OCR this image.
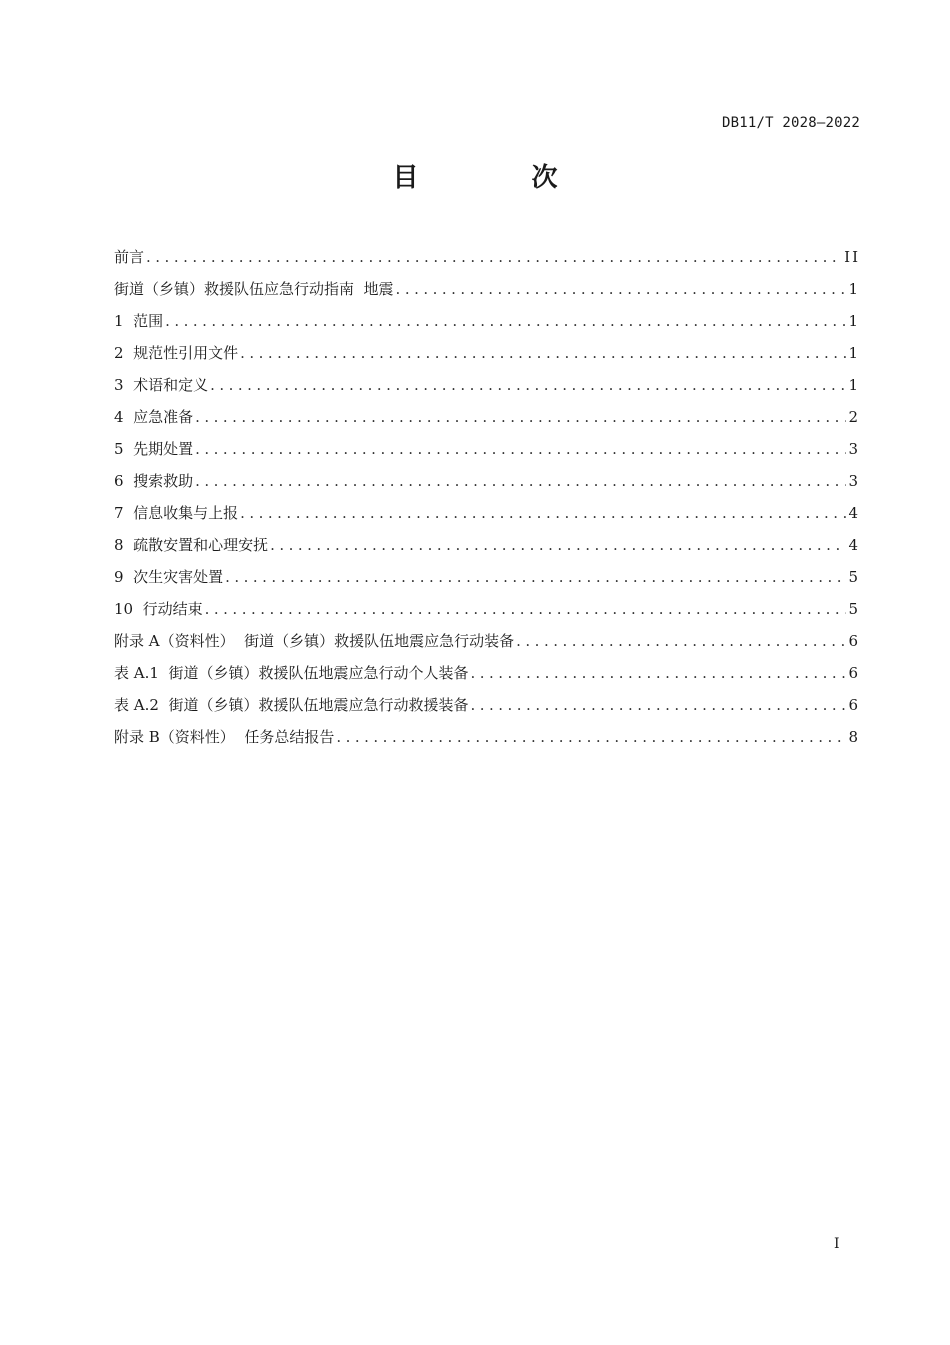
DB11/T 2028—2022
目 次
前言 .....	II
街道（乡镇）救援队伍应急行动指南  地震 .....	1
1  范围 .....	1
2  规范性引用文件 .....	1
3  术语和定义 .....	1
4  应急准备 .....	2
5  先期处置 .....	3
6  搜索救助 .....	3
7  信息收集与上报 .....	4
8  疏散安置和心理安抚 .....	4
9  次生灾害处置 .....	5
10  行动结束 .....	5
附录 A（资料性）  街道（乡镇）救援队伍地震应急行动装备 .....	6
表 A.1  街道（乡镇）救援队伍地震应急行动个人装备 .....	6
表 A.2  街道（乡镇）救援队伍地震应急行动救援装备 .....	6
附录 B（资料性）  任务总结报告 .....	8
I
